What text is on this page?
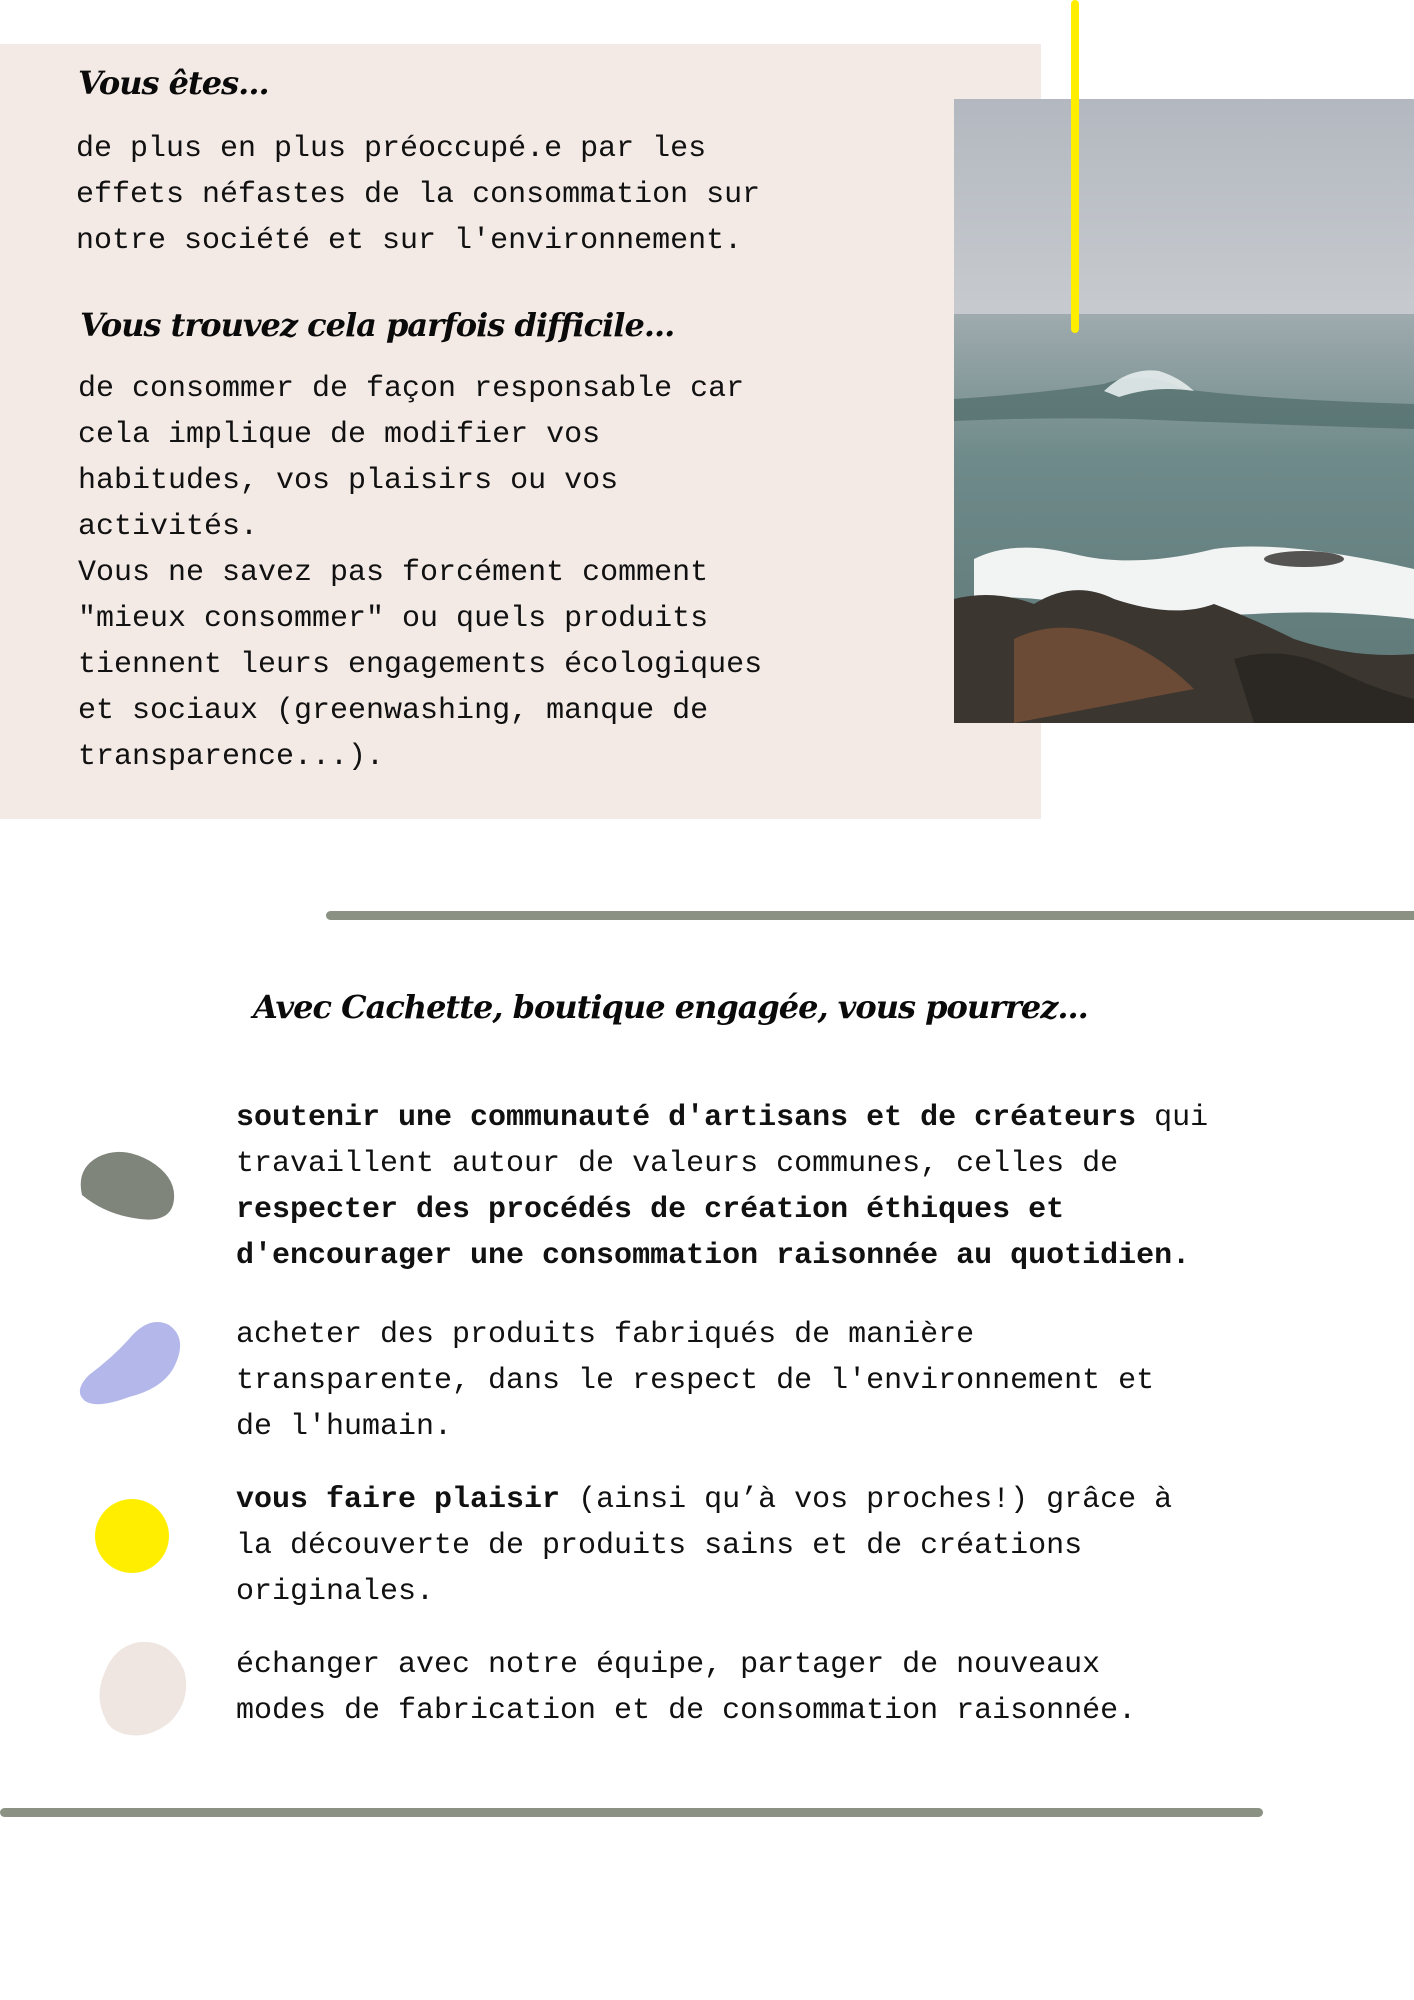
Vous êtes...

de plus en plus préoccupé.e par les
effets néfastes de la consommation sur
notre société et sur l'environnement.

Vous trouvez cela parfois difficile...

de consommer de façon responsable car
cela implique de modifier vos
habitudes, vos plaisirs ou vos
activités.
Vous ne savez pas forcément comment
"mieux consommer" ou quels produits
tiennent leurs engagements écologiques
et sociaux (greenwashing, manque de
transparence...).

Avec Cachette, boutique engagée, vous pourrez...

soutenir une communauté d'artisans et de créateurs qui
travaillent autour de valeurs communes, celles de
respecter des procédés de création éthiques et
d'encourager une consommation raisonnée au quotidien.

acheter des produits fabriqués de manière
transparente, dans le respect de l'environnement et
de l'humain.

vous faire plaisir (ainsi qu’à vos proches!) grâce à
la découverte de produits sains et de créations
originales.

échanger avec notre équipe, partager de nouveaux
modes de fabrication et de consommation raisonnée.
